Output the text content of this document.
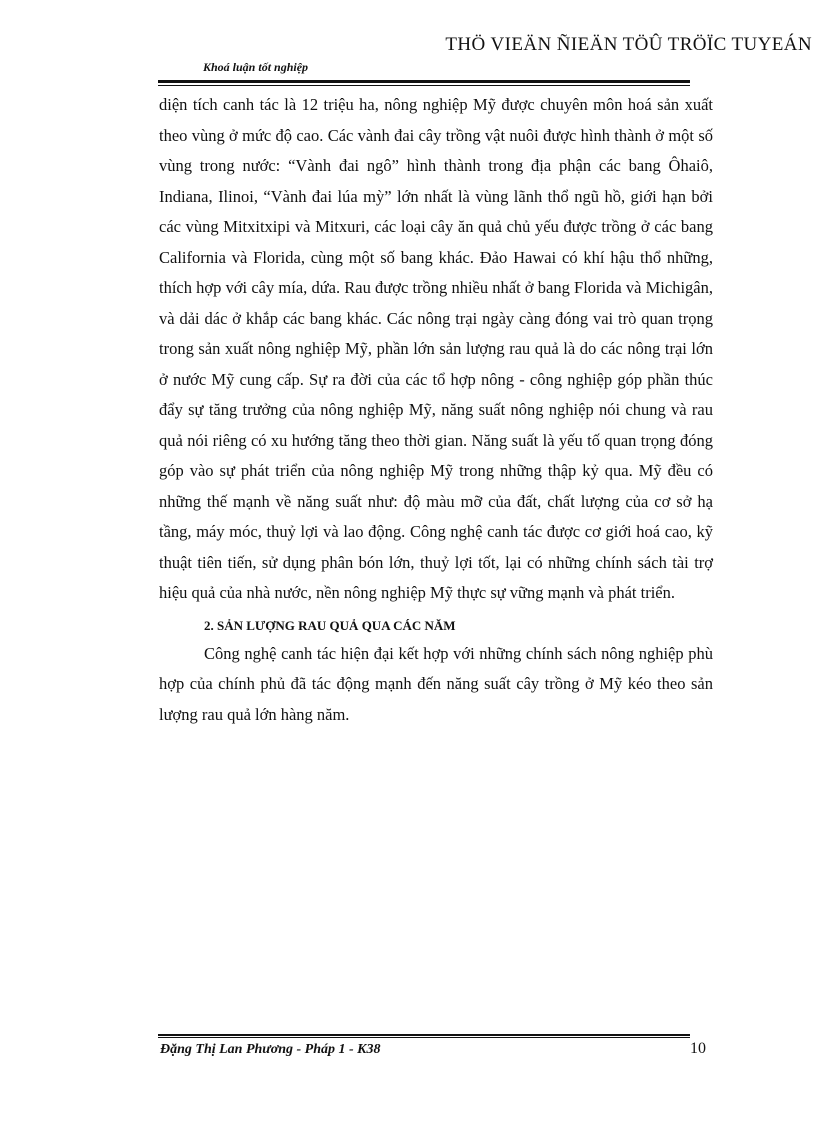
THÖ VIEÄN ÑIEÄN TÖÛ TRÖÏC TUYEÁN
Khoá luận tốt nghiệp

diện tích canh tác là 12 triệu ha, nông nghiệp Mỹ được chuyên môn hoá sản xuất theo vùng ở mức độ cao. Các vành đai cây trồng vật nuôi được hình thành ở một số vùng trong nước: “Vành đai ngô” hình thành trong địa phận các bang Ôhaiô, Indiana, Ilinoi, “Vành đai lúa mỳ” lớn nhất là vùng lãnh thổ ngũ hồ, giới hạn bởi các vùng Mitxitxipi và Mitxuri, các loại cây ăn quả chủ yếu được trồng ở các bang California và Florida, cùng một số bang khác. Đảo Hawai có khí hậu thổ những, thích hợp với cây mía, dứa. Rau được trồng nhiều nhất ở bang Florida và Michigân, và dải dác ở khắp các bang khác. Các nông trại ngày càng đóng vai trò quan trọng trong sản xuất nông nghiệp Mỹ, phần lớn sản lượng rau quả là do các nông trại lớn ở nước Mỹ cung cấp. Sự ra đời của các tổ hợp nông - công nghiệp góp phần thúc đẩy sự tăng trưởng của nông nghiệp Mỹ, năng suất nông nghiệp nói chung và rau quả nói riêng có xu hướng tăng theo thời gian. Năng suất là yếu tố quan trọng đóng góp vào sự phát triển của nông nghiệp Mỹ trong những thập kỷ qua. Mỹ đều có những thế mạnh về năng suất như: độ màu mỡ của đất, chất lượng của cơ sở hạ tầng, máy móc, thuỷ lợi và lao động. Công nghệ canh tác được cơ giới hoá cao, kỹ thuật tiên tiến, sử dụng phân bón lớn, thuỷ lợi tốt, lại có những chính sách tài trợ hiệu quả của nhà nước, nền nông nghiệp Mỹ thực sự vững mạnh và phát triển.

2. SẢN LƯỢNG RAU QUẢ QUA CÁC NĂM

Công nghệ canh tác hiện đại kết hợp với những chính sách nông nghiệp phù hợp của chính phủ đã tác động mạnh đến năng suất cây trồng ở Mỹ kéo theo sản lượng rau quả lớn hàng năm.

Đặng Thị Lan Phương - Pháp 1 - K38	10
